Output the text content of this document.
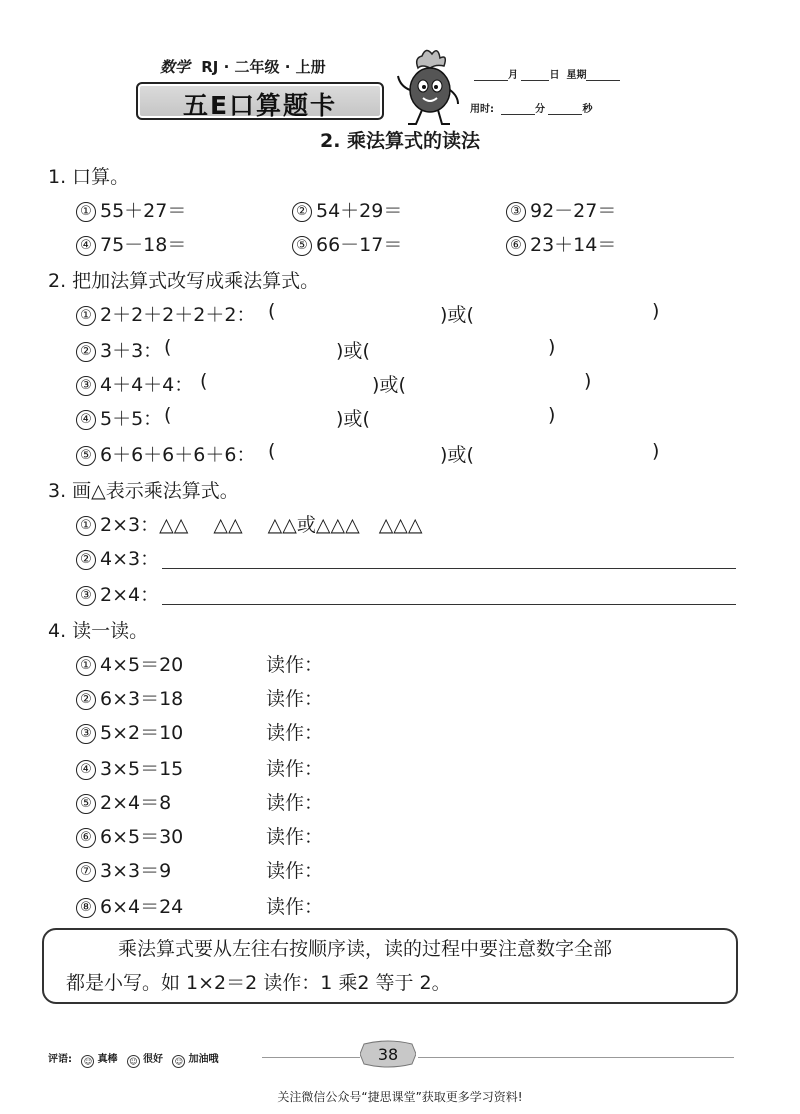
数学 RJ · 二年级 · 上册
五E口算题卡
月	日 星期
用时:	分	秒
2. 乘法算式的读法
1. 口算。
① 55＋27＝	② 54＋29＝	③ 92－27＝
④ 75－18＝	⑤ 66－17＝	⑥ 23＋14＝
2. 把加法算式改写成乘法算式。
① 2＋2＋2＋2＋2： (	)或(	)
② 3＋3： (	)或(	)
③ 4＋4＋4： (	)或(	)
④ 5＋5： (	)或(	)
⑤ 6＋6＋6＋6＋6： (	)或(	)
3. 画△表示乘法算式。
① 2×3：△△　 △△　 △△或△△△　△△△
② 4×3：
③ 2×4：
4. 读一读。
① 4×5＝20	读作：
② 6×3＝18	读作：
③ 5×2＝10	读作：
④ 3×5＝15	读作：
⑤ 2×4＝8	读作：
⑥ 6×5＝30	读作：
⑦ 3×3＝9	读作：
⑧ 6×4＝24	读作：
乘法算式要从左往右按顺序读，读的过程中要注意数字全部
都是小写。如 1×2＝2 读作：1 乘2 等于 2。
评语: ☺ 真棒 ☺ 很好 ☺ 加油哦	38
关注微信公众号“捷思课堂”获取更多学习资料!
